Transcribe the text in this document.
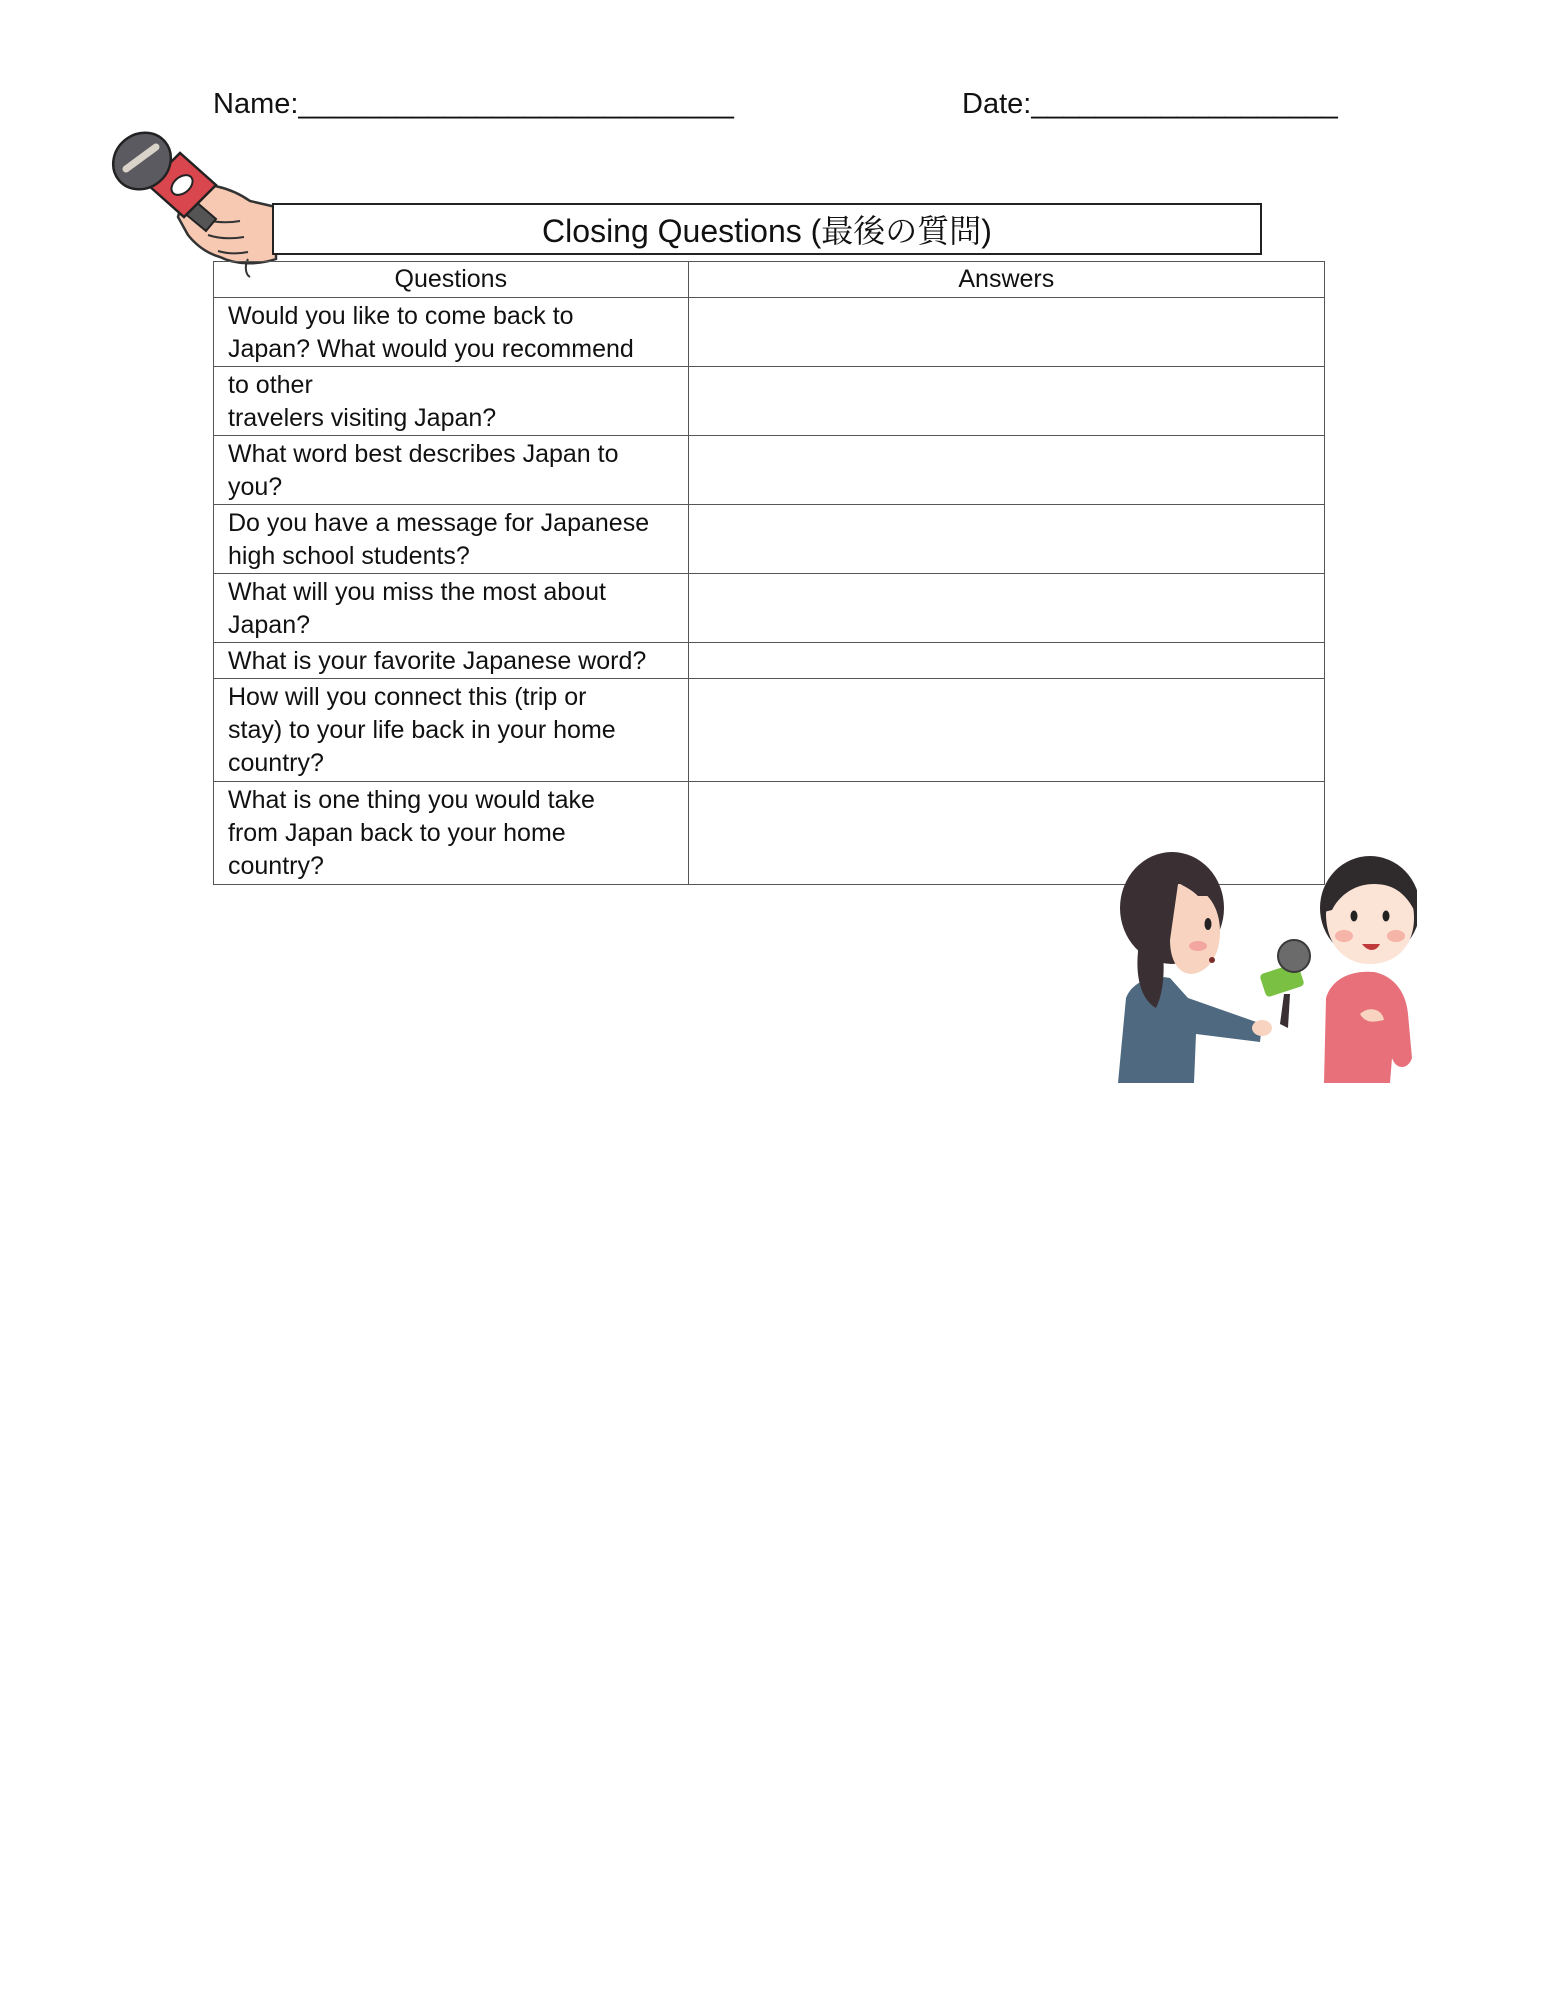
Name:___________________________	Date:___________________
Closing Questions (最後の質問)
Questions	Answers

Would you like to come back to
Japan? What would you recommend	

to other
travelers visiting Japan?	

What word best describes Japan to
you?	

Do you have a message for Japanese
high school students?	

What will you miss the most about
Japan?	

What is your favorite Japanese word?	

How will you connect this (trip or
stay) to your life back in your home
country?	

What is one thing you would take
from Japan back to your home
country?	
